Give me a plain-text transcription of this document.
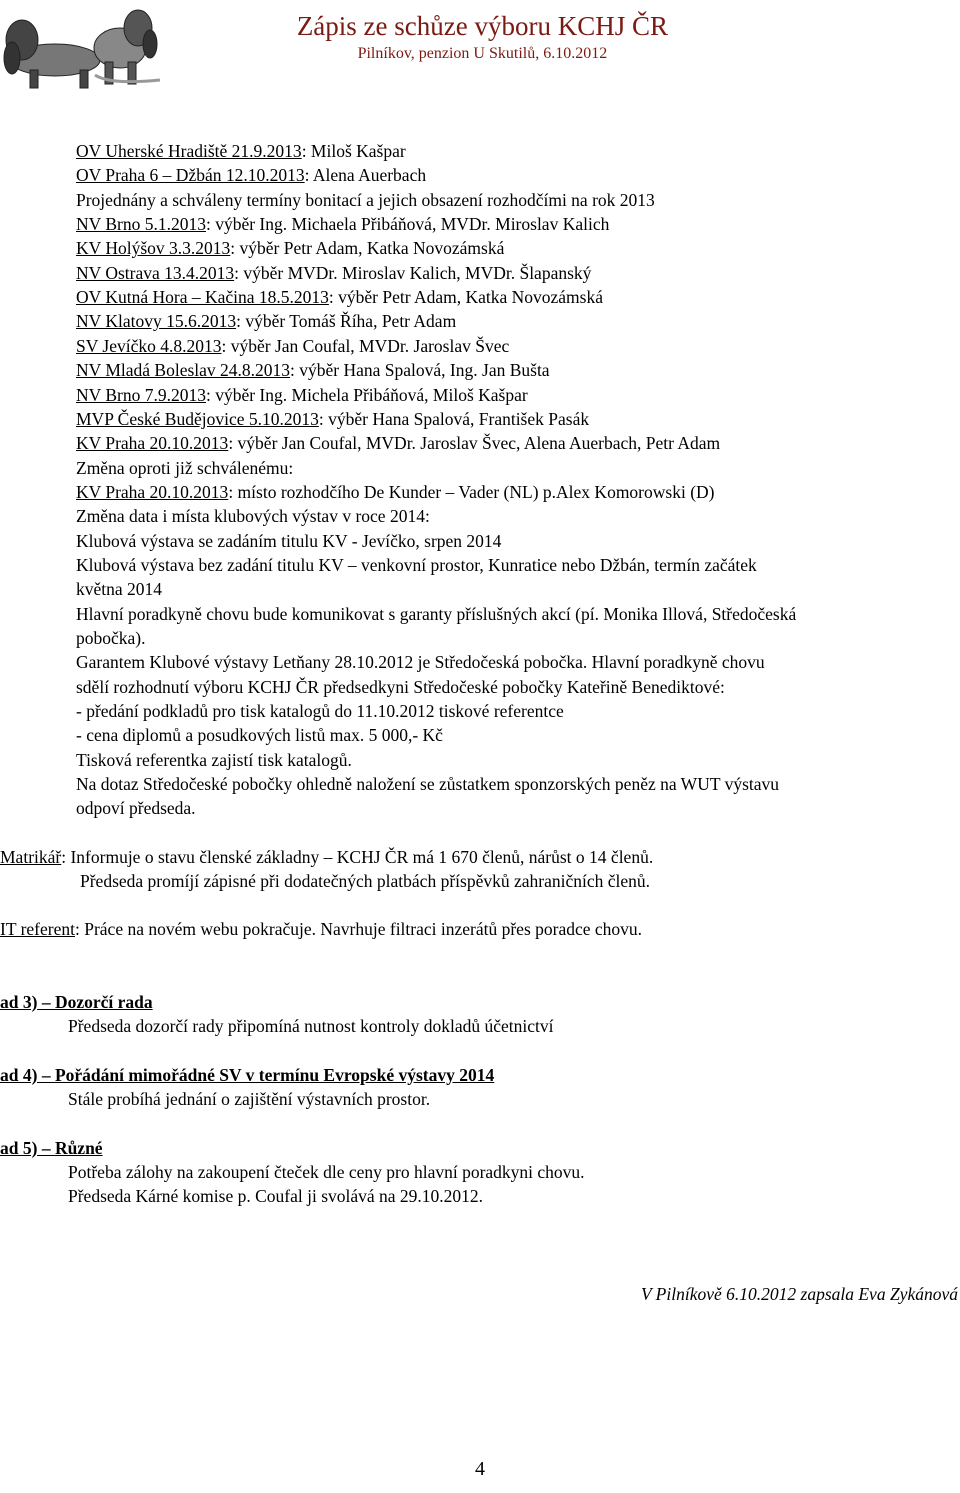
Zápis ze schůze výboru KCHJ ČR
Pilníkov, penzion U Skutilů, 6.10.2012
OV Uherské Hradiště 21.9.2013: Miloš Kašpar
OV Praha 6 – Džbán 12.10.2013: Alena Auerbach
Projednány a schváleny termíny bonitací a jejich obsazení rozhodčími na rok 2013
NV Brno 5.1.2013: výběr Ing. Michaela Přibáňová, MVDr. Miroslav Kalich
KV Holýšov 3.3.2013: výběr Petr Adam, Katka Novozámská
NV Ostrava 13.4.2013: výběr MVDr. Miroslav Kalich, MVDr. Šlapanský
OV Kutná Hora – Kačina 18.5.2013: výběr Petr Adam, Katka Novozámská
NV Klatovy 15.6.2013: výběr Tomáš Říha, Petr Adam
SV Jevíčko 4.8.2013: výběr Jan Coufal, MVDr. Jaroslav Švec
NV Mladá Boleslav 24.8.2013: výběr Hana Spalová, Ing. Jan Bušta
NV Brno 7.9.2013: výběr Ing. Michela Přibáňová, Miloš Kašpar
MVP České Budějovice 5.10.2013: výběr Hana Spalová, František Pasák
KV Praha 20.10.2013: výběr Jan Coufal, MVDr. Jaroslav Švec, Alena Auerbach, Petr Adam
Změna oproti již schválenému:
KV Praha 20.10.2013: místo rozhodčího De Kunder – Vader (NL) p.Alex Komorowski (D)
Změna data i místa klubových výstav v roce 2014:
Klubová výstava se zadáním titulu KV - Jevíčko, srpen 2014
Klubová výstava bez zadání titulu KV – venkovní prostor, Kunratice nebo Džbán, termín začátek
května 2014
Hlavní poradkyně chovu bude komunikovat s garanty příslušných akcí (pí. Monika Illová, Středočeská
pobočka).
Garantem Klubové výstavy Letňany 28.10.2012 je Středočeská pobočka. Hlavní poradkyně chovu
sdělí rozhodnutí výboru KCHJ ČR předsedkyni Středočeské pobočky Kateřině Benediktové:
- předání podkladů pro tisk katalogů do 11.10.2012 tiskové referentce
- cena diplomů a posudkových listů max. 5 000,- Kč
Tisková referentka zajistí tisk katalogů.
Na dotaz Středočeské pobočky ohledně naložení se zůstatkem sponzorských peněz na WUT výstavu
odpoví předseda.
Matrikář: Informuje o stavu členské základny – KCHJ ČR má 1 670 členů, nárůst o 14 členů.
Předseda promíjí zápisné při dodatečných platbách příspěvků zahraničních členů.
IT referent: Práce na novém webu pokračuje. Navrhuje filtraci inzerátů přes poradce chovu.
ad 3) – Dozorčí rada
Předseda dozorčí rady připomíná nutnost kontroly dokladů účetnictví
ad 4) – Pořádání mimořádné SV v termínu Evropské výstavy 2014
Stále probíhá jednání o zajištění výstavních prostor.
ad 5) – Různé
Potřeba zálohy na zakoupení čteček dle ceny pro hlavní poradkyni chovu.
Předseda Kárné komise p. Coufal ji svolává na 29.10.2012.
V Pilníkově 6.10.2012 zapsala Eva Zykánová
4
